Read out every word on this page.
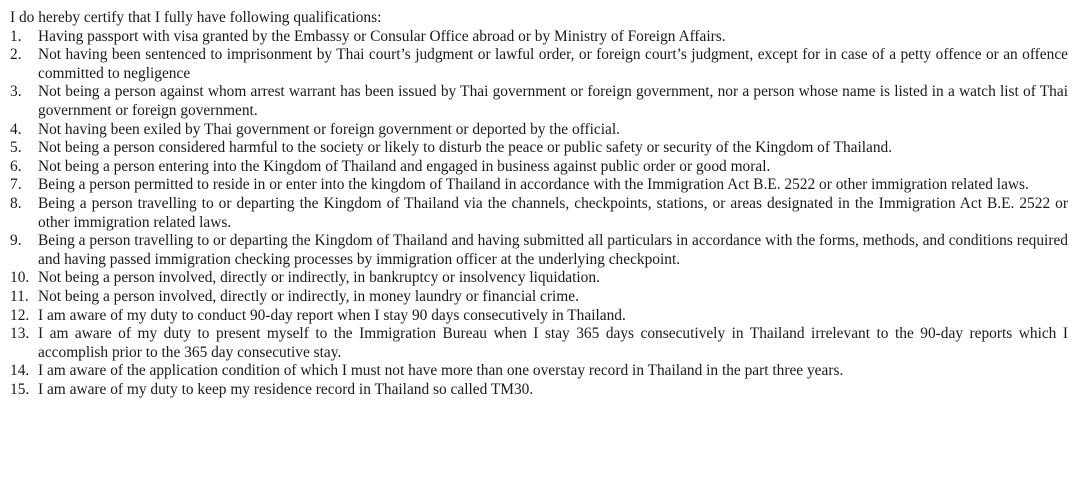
I do hereby certify that I fully have following qualifications:

1.	Having passport with visa granted by the Embassy or Consular Office abroad or by Ministry of Foreign Affairs.
2.	Not having been sentenced to imprisonment by Thai court’s judgment or lawful order, or foreign court’s judgment, except for in case of a petty offence or an offence committed to negligence
3.	Not being a person against whom arrest warrant has been issued by Thai government or foreign government, nor a person whose name is listed in a watch list of Thai government or foreign government.
4.	Not having been exiled by Thai government or foreign government or deported by the official.
5.	Not being a person considered harmful to the society or likely to disturb the peace or public safety or security of the Kingdom of Thailand.
6.	Not being a person entering into the Kingdom of Thailand and engaged in business against public order or good moral.
7.	Being a person permitted to reside in or enter into the kingdom of Thailand in accordance with the Immigration Act B.E. 2522 or other immigration related laws.
8.	Being a person travelling to or departing the Kingdom of Thailand via the channels, checkpoints, stations, or areas designated in the Immigration Act B.E. 2522 or other immigration related laws.
9.	Being a person travelling to or departing the Kingdom of Thailand and having submitted all particulars in accordance with the forms, methods, and conditions required and having passed immigration checking processes by immigration officer at the underlying checkpoint.
10. Not being a person involved, directly or indirectly, in bankruptcy or insolvency liquidation.
11. Not being a person involved, directly or indirectly, in money laundry or financial crime.
12. I am aware of my duty to conduct 90-day report when I stay 90 days consecutively in Thailand.
13. I am aware of my duty to present myself to the Immigration Bureau when I stay 365 days consecutively in Thailand irrelevant to the 90-day reports which I accomplish prior to the 365 day consecutive stay.
14. I am aware of the application condition of which I must not have more than one overstay record in Thailand in the part three years.
15. I am aware of my duty to keep my residence record in Thailand so called TM30.
